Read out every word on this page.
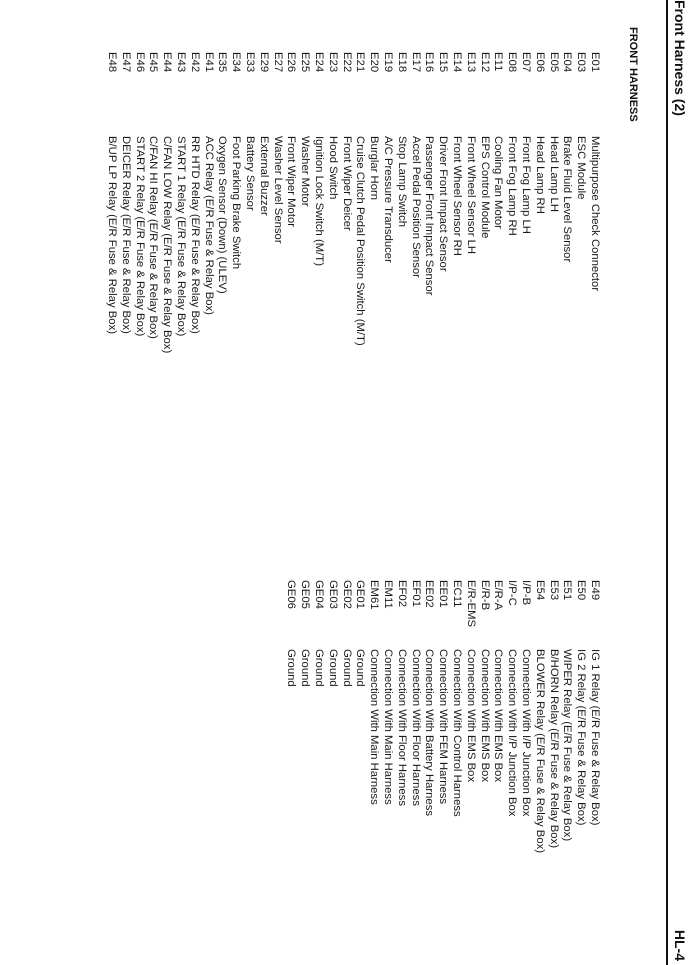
Front Harness (2)
HL-4
FRONT HARNESS
E01
Multipurpose Check Connector
E03
ESC Module
E04
Brake Fluid Level Sensor
E05
Head Lamp LH
E06
Head Lamp RH
E07
Front Fog Lamp LH
E08
Front Fog Lamp RH
E11
Cooling Fan Motor
E12
EPS Control Module
E13
Front Wheel Sensor LH
E14
Front Wheel Sensor RH
E15
Driver Front Impact Sensor
E16
Passenger Front Impact Sensor
E17
Accel Pedal Position Sensor
E18
Stop Lamp Switch
E19
A/C Pressure Transducer
E20
Burglar Horn
E21
Cruise Clutch Pedal Position Switch (M/T)
E22
Front Wiper Deicer
E23
Hood Switch
E24
Ignition Lock Switch (M/T)
E25
Washer Motor
E26
Front Wiper Motor
E27
Washer Level Sensor
E29
External Buzzer
E33
Battery Sensor
E34
Foot Parking Brake Switch
E35
Oxygen Sensor (Down) (ULEV)
E41
ACC Relay (E/R Fuse & Relay Box)
E42
RR HTD Relay (E/R Fuse & Relay Box)
E43
START 1 Relay (E/R Fuse & Relay Box)
E44
C/FAN LOW Relay (E/R Fuse & Relay Box)
E45
C/FAN HI Relay (E/R Fuse & Relay Box)
E46
START 2 Relay (E/R Fuse & Relay Box)
E47
DEICER Relay (E/R Fuse & Relay Box)
E48
B/UP LP Relay (E/R Fuse & Relay Box)
E49
IG 1 Relay (E/R Fuse & Relay Box)
E50
IG 2 Relay (E/R Fuse & Relay Box)
E51
WIPER Relay (E/R Fuse & Relay Box)
E53
B/HORN Relay (E/R Fuse & Relay Box)
E54
BLOWER Relay (E/R Fuse & Relay Box)
I/P-B
Connection With I/P Junction Box
I/P-C
Connection With I/P Junction Box
E/R-A
Connection With EMS Box
E/R-B
Connection With EMS Box
E/R-EMS
Connection With EMS Box
EC11
Connection With Control Harness
EE01
Connection With FEM Harness
EE02
Connection With Battery Harness
EF01
Connection With Floor Harness
EF02
Connection With Floor Harness
EM11
Connection With Main Harness
EM61
Connection With Main Harness
GE01
Ground
GE02
Ground
GE03
Ground
GE04
Ground
GE05
Ground
GE06
Ground
